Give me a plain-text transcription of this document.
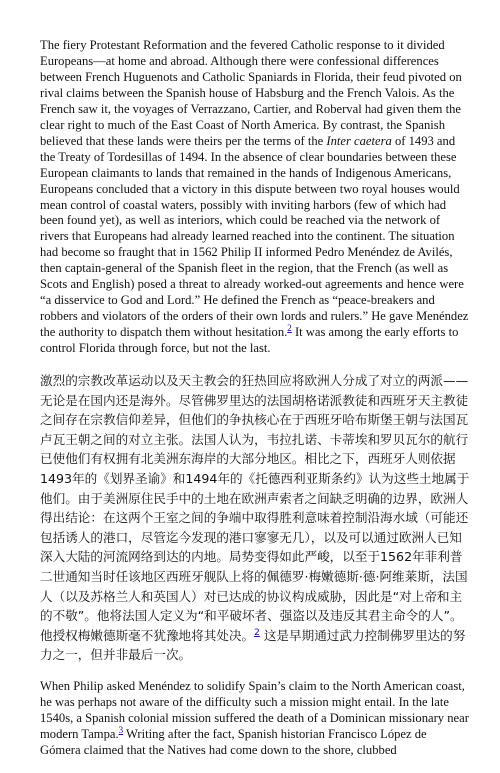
The fiery Protestant Reformation and the fevered Catholic response to it divided Europeans—at home and abroad. Although there were confessional differences between French Huguenots and Catholic Spaniards in Florida, their feud pivoted on rival claims between the Spanish house of Habsburg and the French Valois. As the French saw it, the voyages of Verrazzano, Cartier, and Roberval had given them the clear right to much of the East Coast of North America. By contrast, the Spanish believed that these lands were theirs per the terms of the Inter caetera of 1493 and the Treaty of Tordesillas of 1494. In the absence of clear boundaries between these European claimants to lands that remained in the hands of Indigenous Americans, Europeans concluded that a victory in this dispute between two royal houses would mean control of coastal waters, possibly with inviting harbors (few of which had been found yet), as well as interiors, which could be reached via the network of rivers that Europeans had already learned reached into the continent. The situation had become so fraught that in 1562 Philip II informed Pedro Menéndez de Avilés, then captain-general of the Spanish fleet in the region, that the French (as well as Scots and English) posed a threat to already worked-out agreements and hence were “a disservice to God and Lord.” He defined the French as “peace-breakers and robbers and violators of the orders of their own lords and rulers.” He gave Menéndez the authority to dispatch them without hesitation.$^2$ It was among the early efforts to control Florida through force, but not the last.

激烈的宗教改革运动以及天主教会的狂热回应将欧洲人分成了对立的两派——无论是在国内还是海外。尽管佛罗里达的法国胡格诺派教徒和西班牙天主教徒之间存在宗教信仰差异，但他们的争执核心在于西班牙哈布斯堡王朝与法国瓦卢瓦王朝之间的对立主张。法国人认为，韦拉扎诺、卡蒂埃和罗贝瓦尔的航行已使他们有权拥有北美洲东海岸的大部分地区。相比之下，西班牙人则依据1493年的《划界圣谕》和1494年的《托德西利亚斯条约》认为这些土地属于他们。由于美洲原住民手中的土地在欧洲声索者之间缺乏明确的边界，欧洲人得出结论：在这两个王室之间的争端中取得胜利意味着控制沿海水域（可能还包括诱人的港口，尽管迄今发现的港口寥寥无几），以及可以通过欧洲人已知深入大陆的河流网络到达的内地。局势变得如此严峻，以至于1562年菲利普二世通知当时任该地区西班牙舰队上将的佩德罗·梅嫩德斯·德·阿维莱斯，法国人（以及苏格兰人和英国人）对已达成的协议构成威胁，因此是“对上帝和主的不敬”。他将法国人定义为“和平破坏者、强盗以及违反其君主命令的人”。他授权梅嫩德斯毫不犹豫地将其处决。$^2$ 这是早期通过武力控制佛罗里达的努力之一，但并非最后一次。

When Philip asked Menéndez to solidify Spain’s claim to the North American coast, he was perhaps not aware of the difficulty such a mission might entail. In the late 1540s, a Spanish colonial mission suffered the death of a Dominican missionary near modern Tampa.$^3$ Writing after the fact, Spanish historian Francisco López de Gómera claimed that the Natives had come down to the shore, clubbed
